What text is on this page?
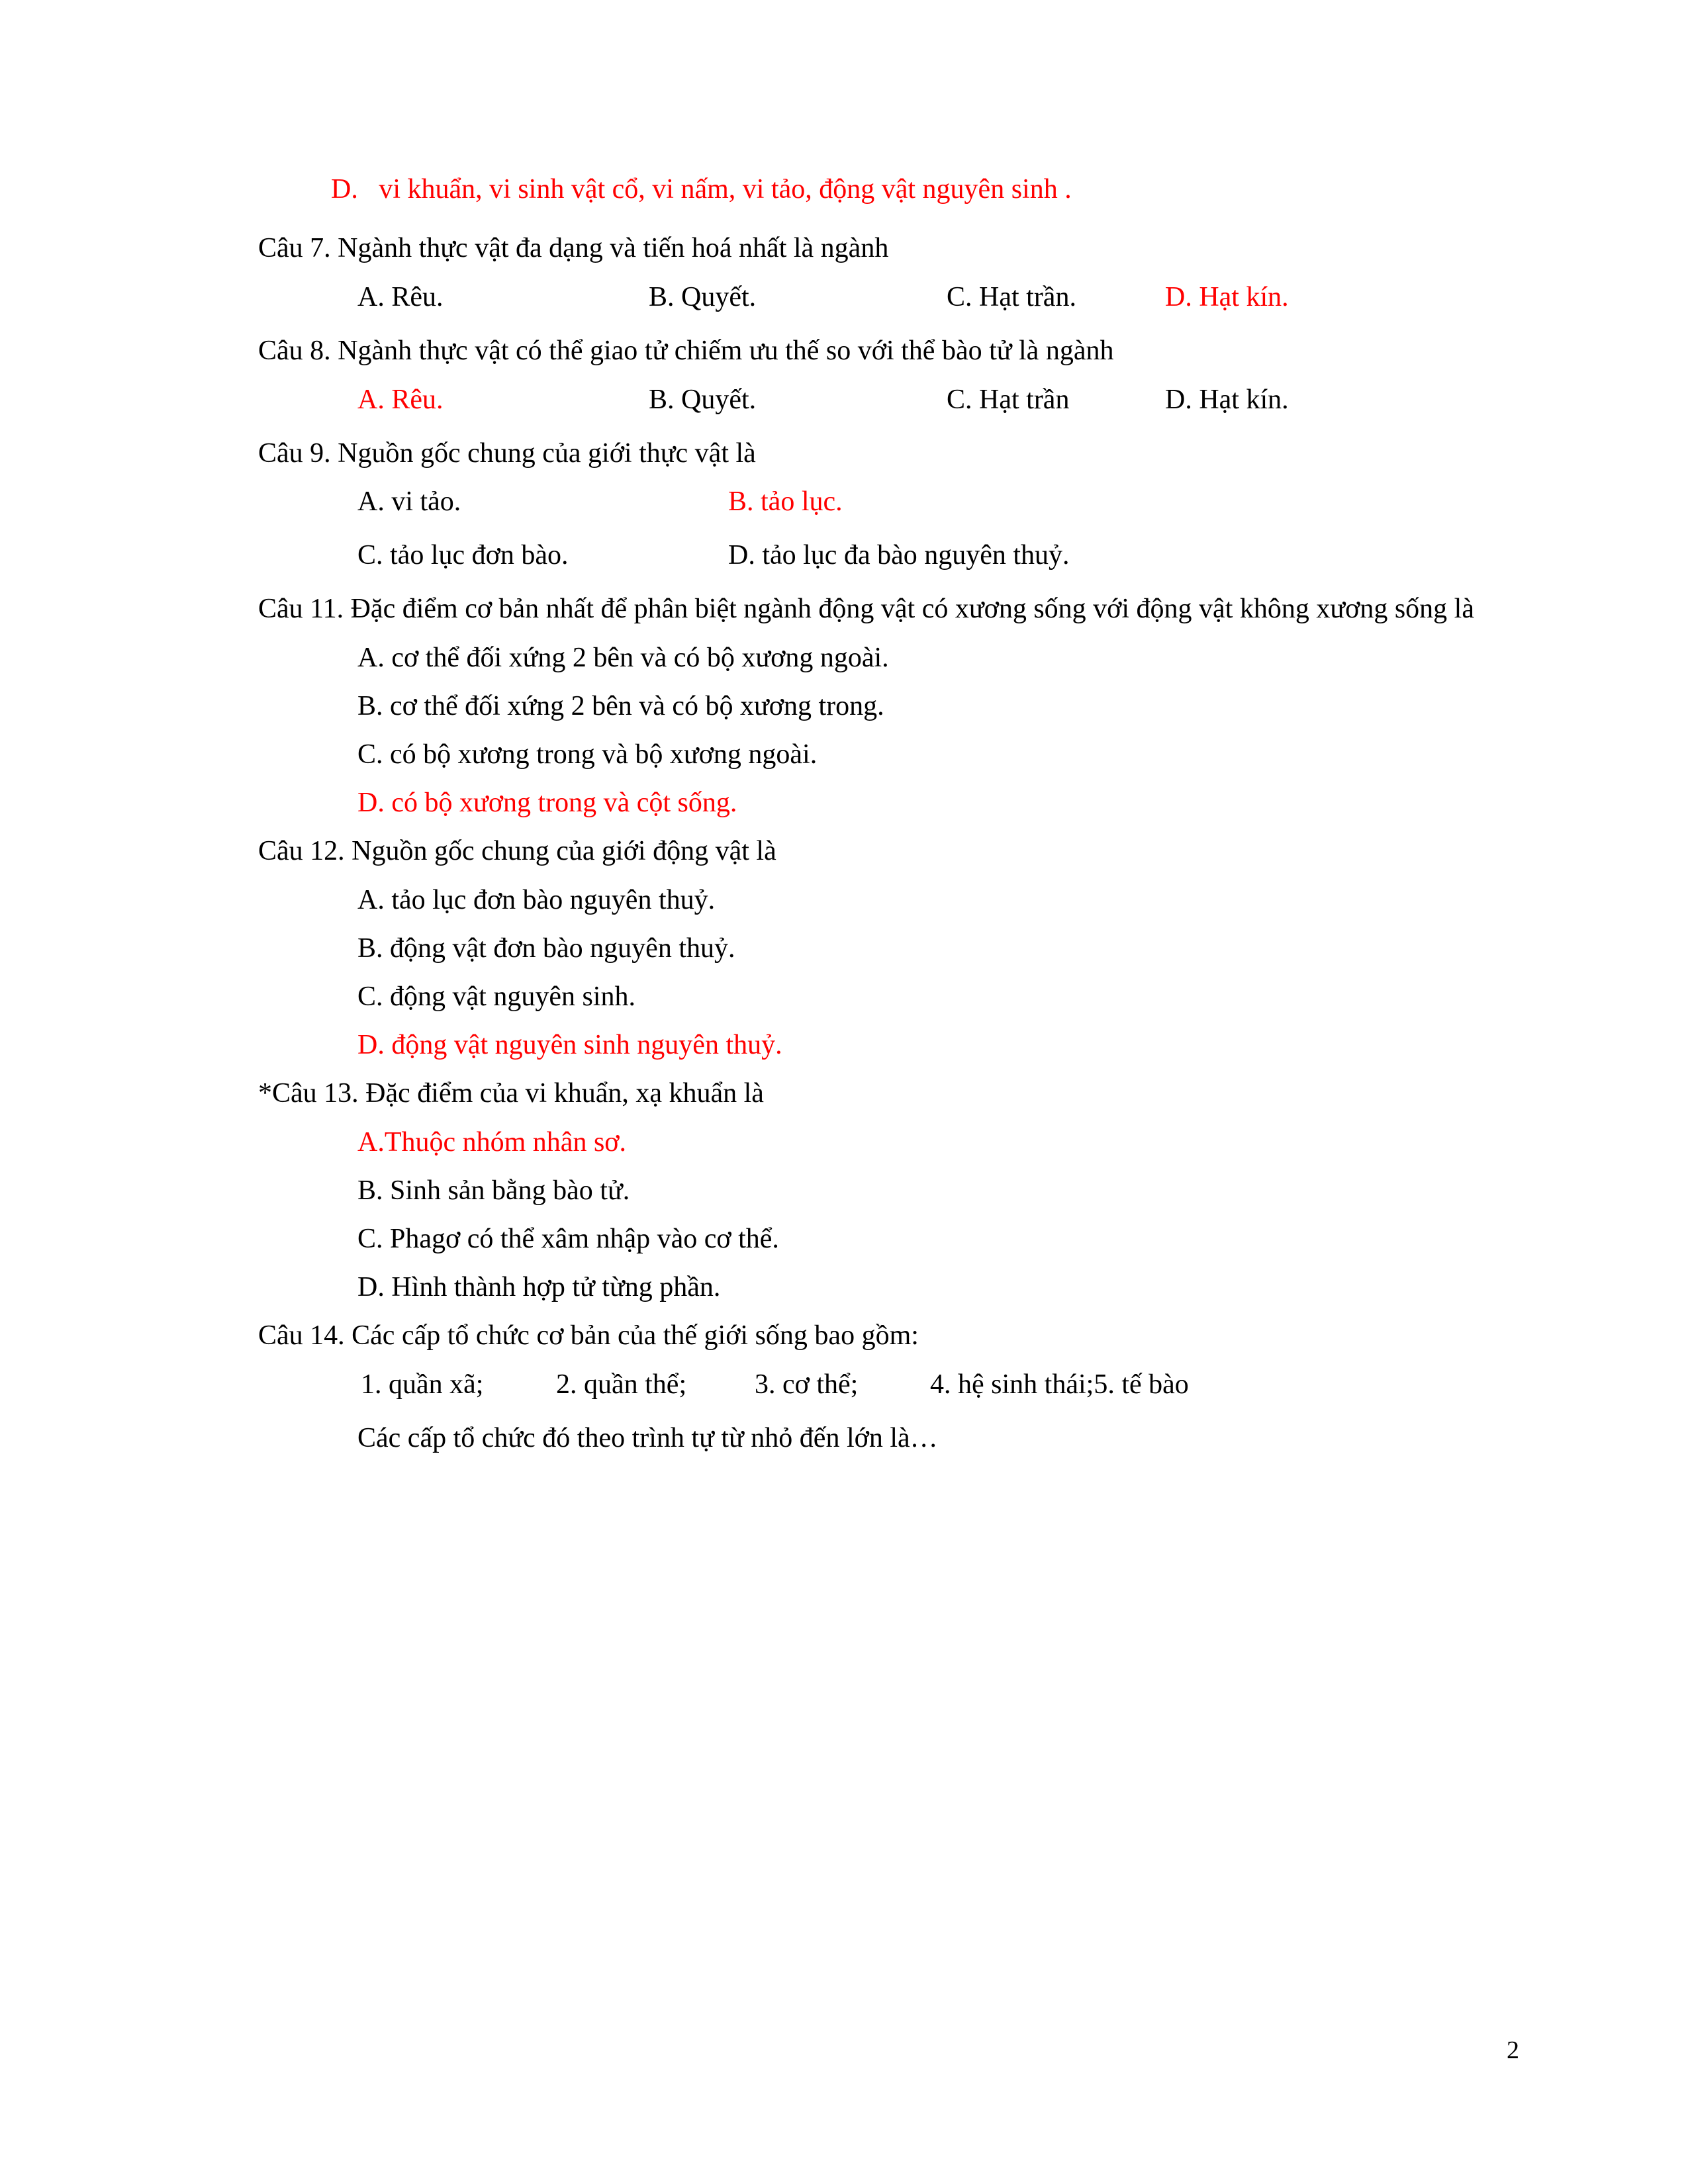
D. vi khuẩn, vi sinh vật cổ, vi nấm, vi tảo, động vật nguyên sinh .

Câu 7. Ngành thực vật đa dạng và tiến hoá nhất là ngành

A. Rêu.	B. Quyết.	C. Hạt trần.	D. Hạt kín.

Câu 8. Ngành thực vật có thể giao tử chiếm ưu thế so với thể bào tử là ngành

A. Rêu.	B. Quyết.	C. Hạt trần	D. Hạt kín.

Câu 9. Nguồn gốc chung của giới thực vật là

A. vi tảo.	B. tảo lục.
C. tảo lục đơn bào.	D. tảo lục đa bào nguyên thuỷ.

Câu 11. Đặc điểm cơ bản nhất để phân biệt ngành động vật có xương sống với động vật không xương sống là

A. cơ thể đối xứng 2 bên và có bộ xương ngoài.

B. cơ thể đối xứng 2 bên và có bộ xương trong.

C. có bộ xương trong và bộ xương ngoài.

D. có bộ xương trong và cột sống.

Câu 12. Nguồn gốc chung của giới động vật là

A. tảo lục đơn bào nguyên thuỷ.

B. động vật đơn bào nguyên thuỷ.

C. động vật nguyên sinh.

D. động vật nguyên sinh nguyên thuỷ.

*Câu 13. Đặc điểm của vi khuẩn, xạ khuẩn là

A.Thuộc nhóm nhân sơ.

B. Sinh sản bằng bào tử.

C. Phagơ có thể xâm nhập vào cơ thể.

D. Hình thành hợp tử từng phần.

Câu 14. Các cấp tổ chức cơ bản của thế giới sống bao gồm:

1. quần xã;	2. quần thể;	3. cơ thể;	4. hệ sinh thái; 5. tế bào

Các cấp tổ chức đó theo trình tự từ nhỏ đến lớn là…

2
